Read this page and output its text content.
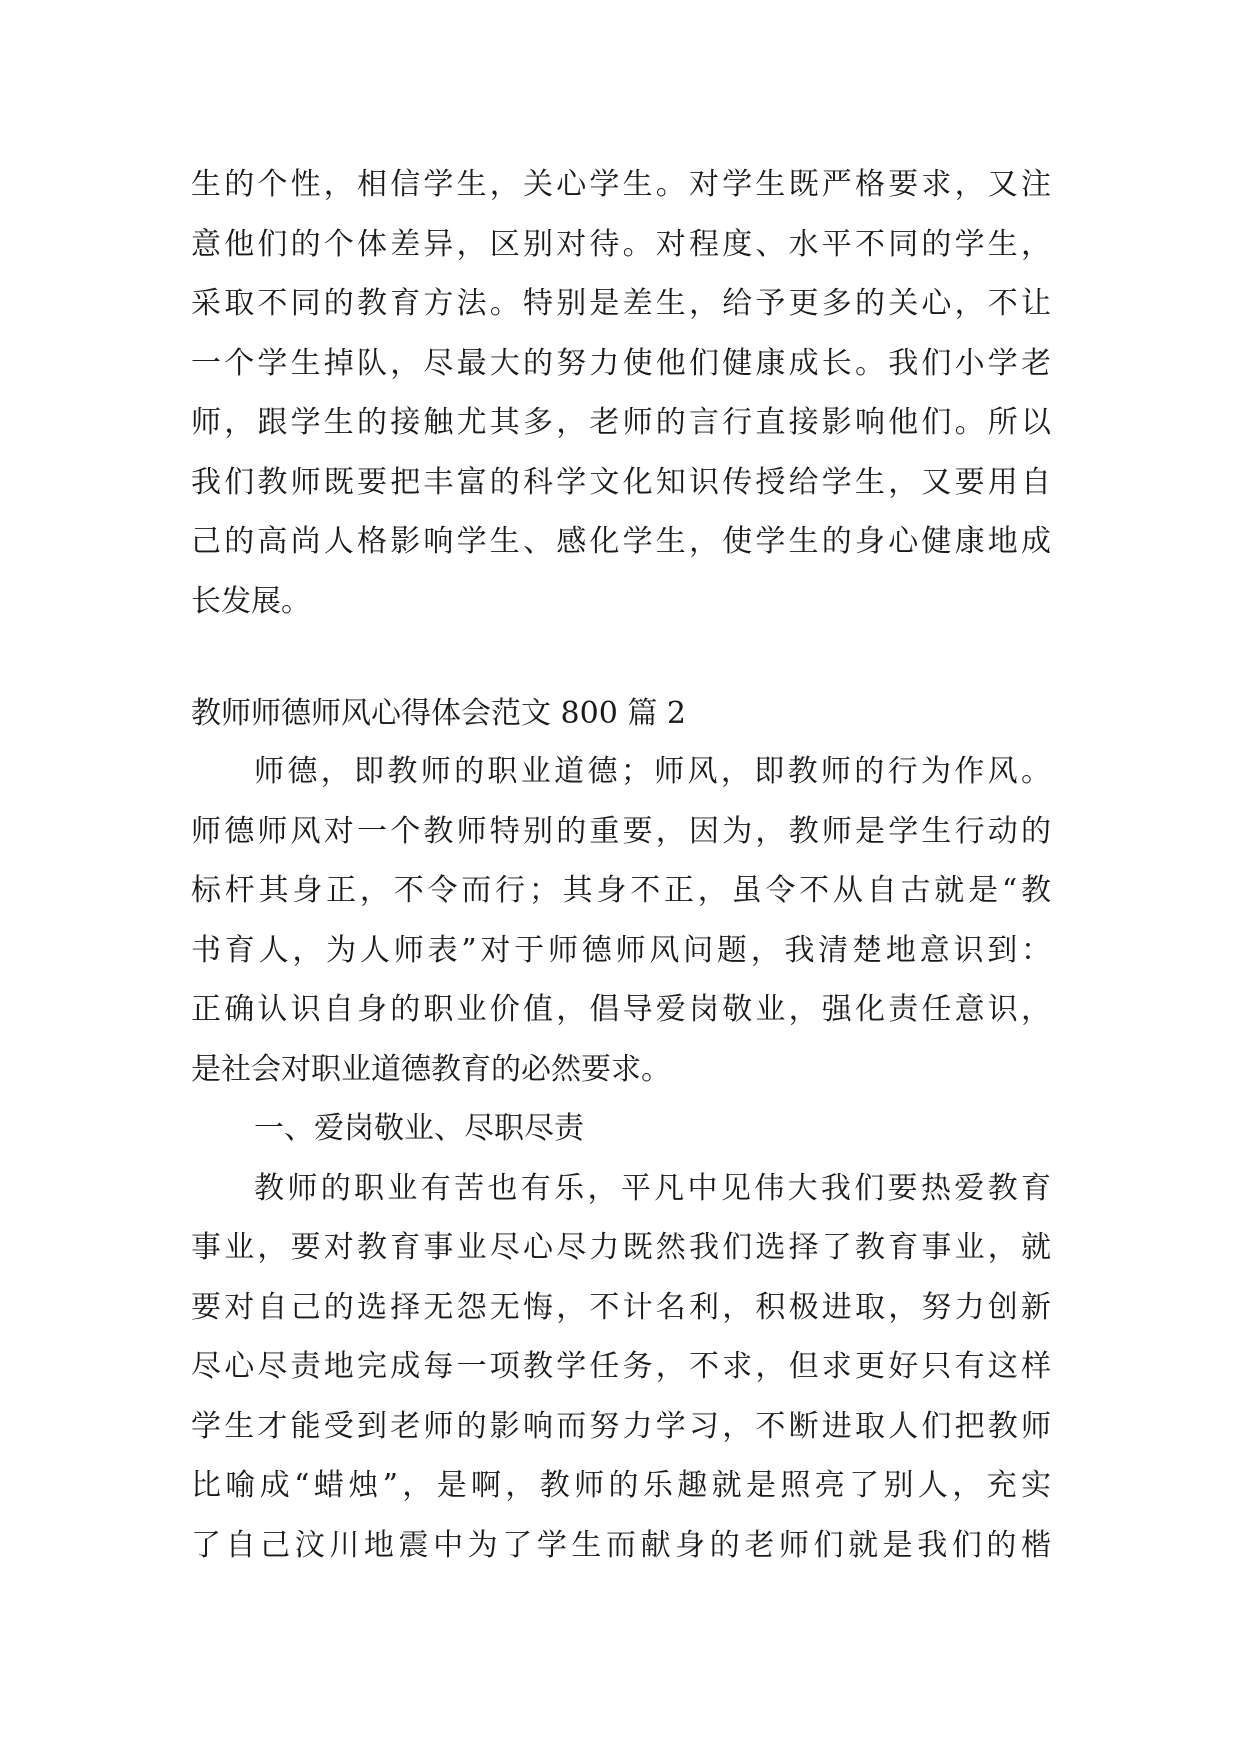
生的个性，相信学生，关心学生。对学生既严格要求，又注
意他们的个体差异，区别对待。对程度、水平不同的学生，
采取不同的教育方法。特别是差生，给予更多的关心，不让
一个学生掉队，尽最大的努力使他们健康成长。我们小学老
师，跟学生的接触尤其多，老师的言行直接影响他们。所以
我们教师既要把丰富的科学文化知识传授给学生，又要用自
己的高尚人格影响学生、感化学生，使学生的身心健康地成
长发展。
教师师德师风心得体会范文 800 篇 2
师德，即教师的职业道德；师风，即教师的行为作风。
师德师风对一个教师特别的重要，因为，教师是学生行动的
标杆其身正，不令而行；其身不正，虽令不从自古就是“教
书育人，为人师表”对于师德师风问题，我清楚地意识到：
正确认识自身的职业价值，倡导爱岗敬业，强化责任意识，
是社会对职业道德教育的必然要求。
一、爱岗敬业、尽职尽责
教师的职业有苦也有乐，平凡中见伟大我们要热爱教育
事业，要对教育事业尽心尽力既然我们选择了教育事业，就
要对自己的选择无怨无悔，不计名利，积极进取，努力创新
尽心尽责地完成每一项教学任务，不求，但求更好只有这样
学生才能受到老师的影响而努力学习，不断进取人们把教师
比喻成“蜡烛”，是啊，教师的乐趣就是照亮了别人，充实
了自己汶川地震中为了学生而献身的老师们就是我们的楷
